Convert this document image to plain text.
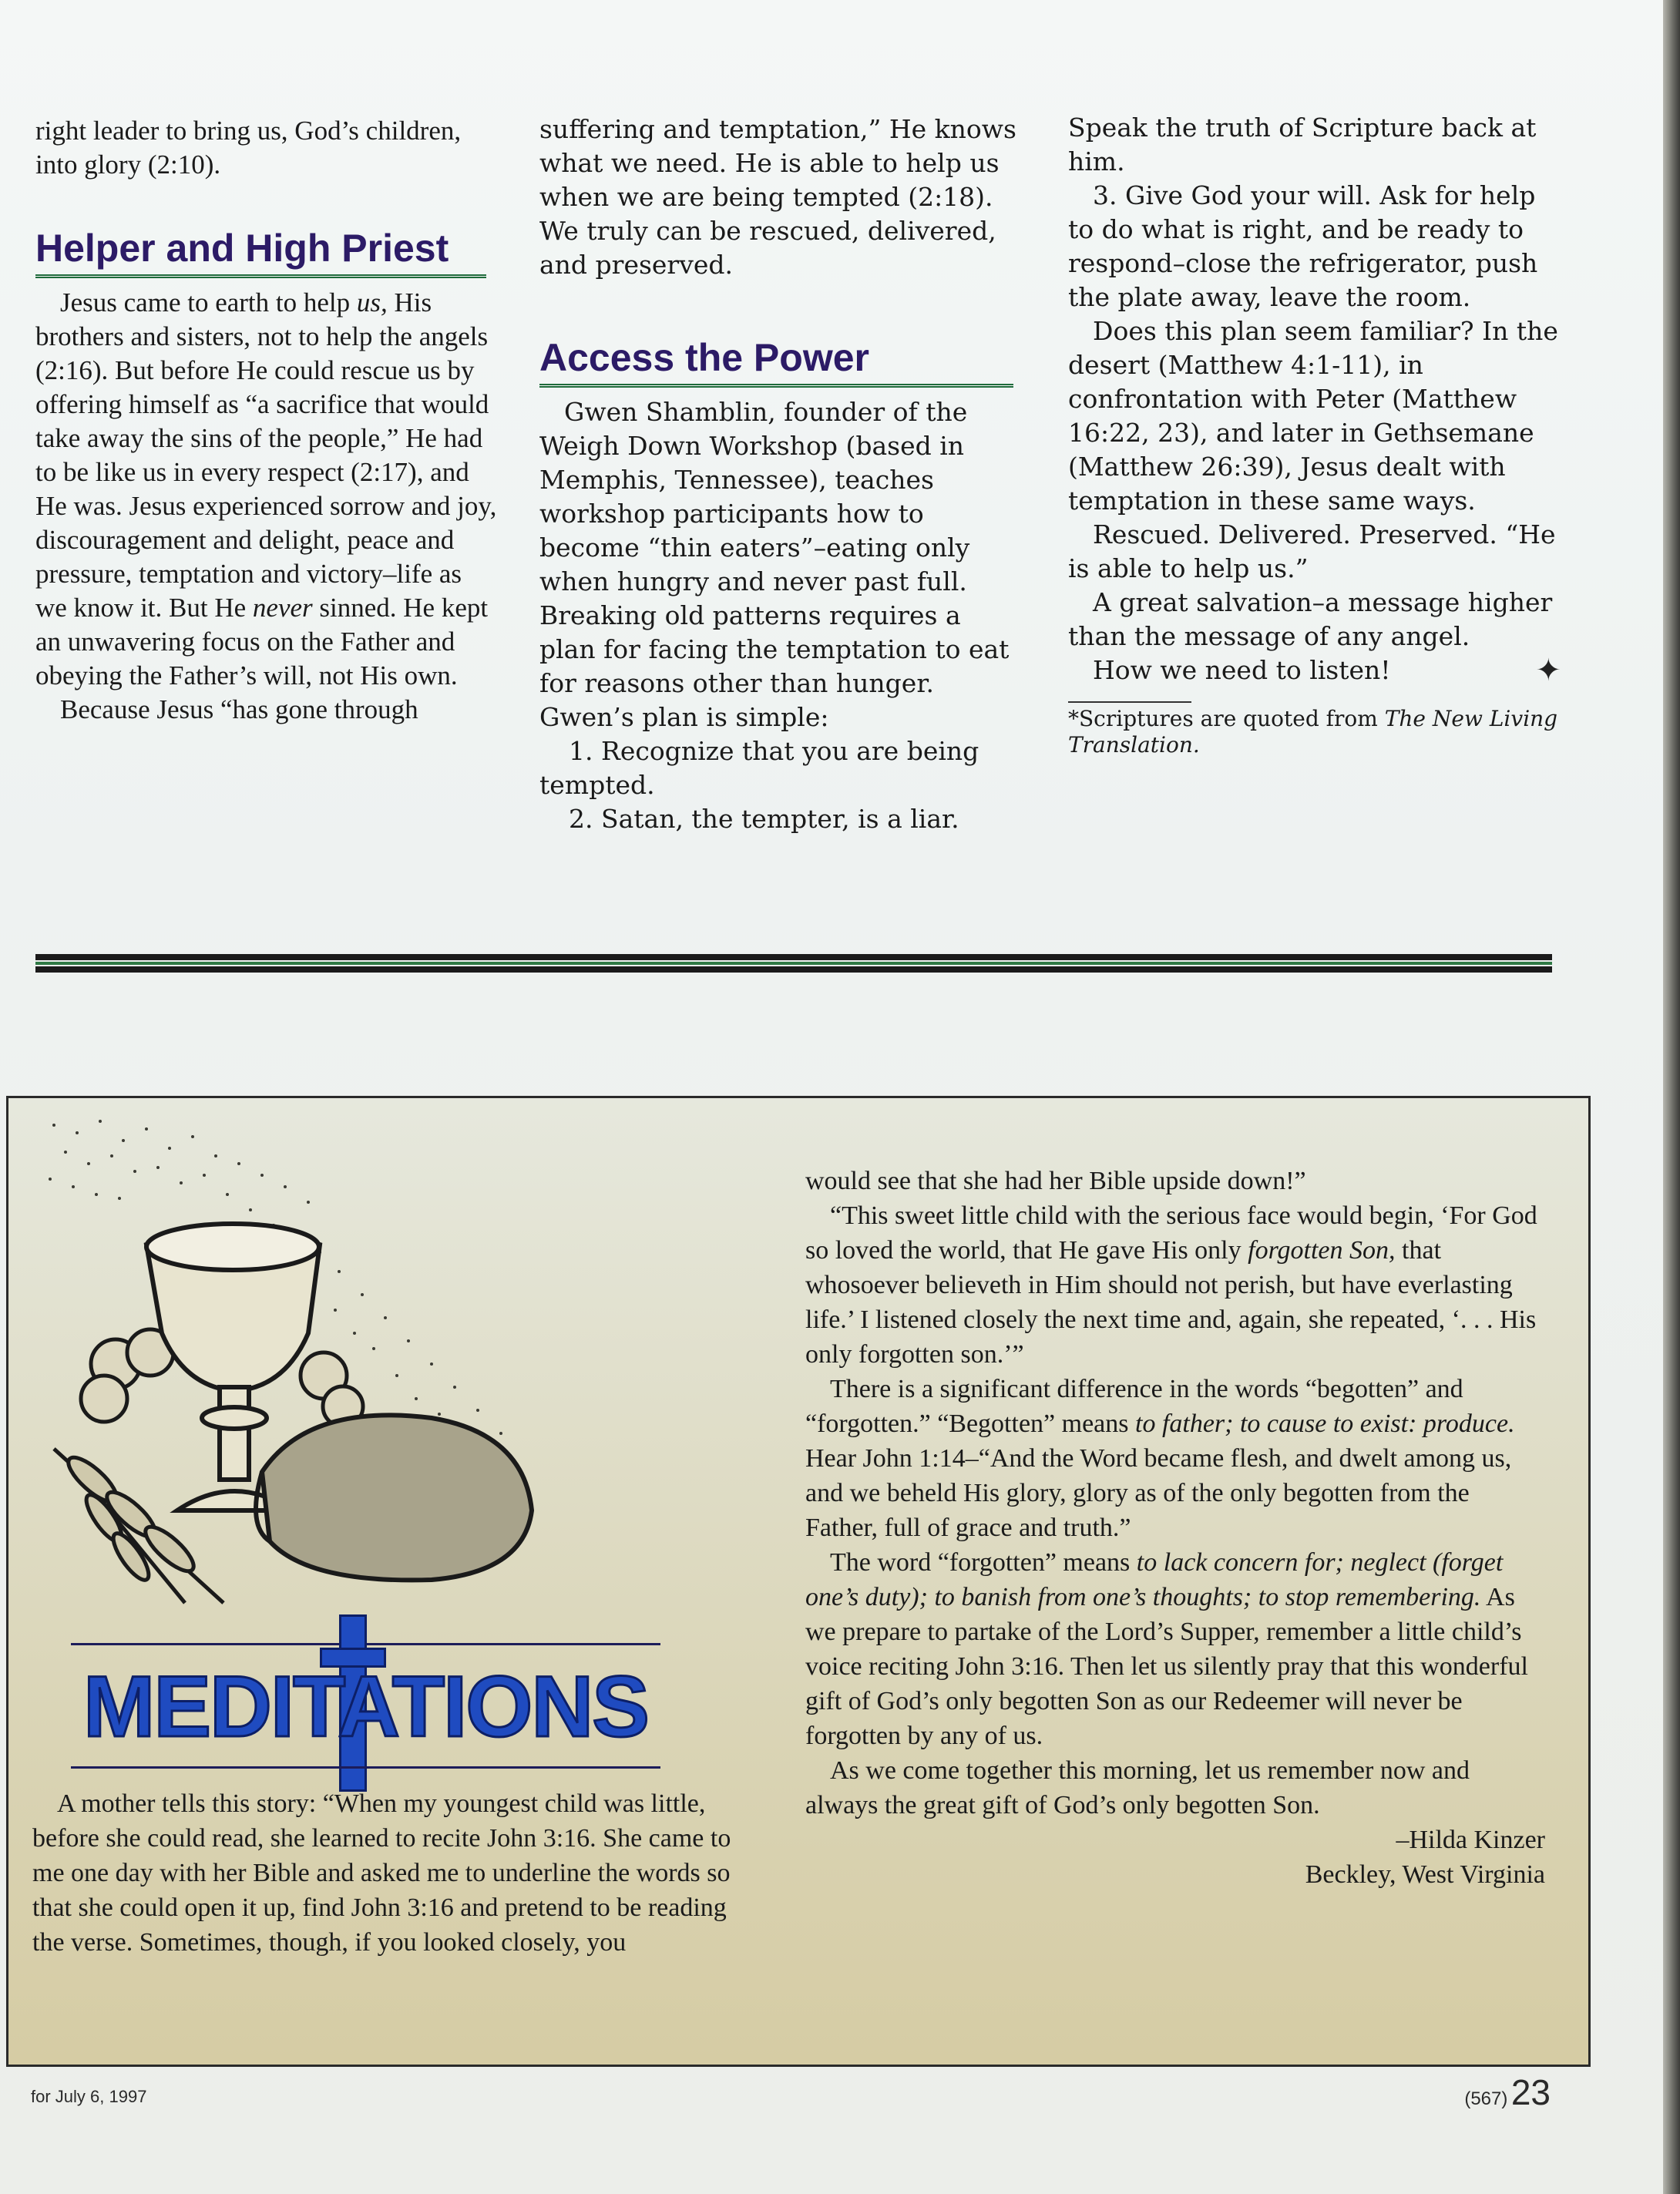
right leader to bring us, God’s children, into glory (2:10).

Helper and High Priest

Jesus came to earth to help us, His brothers and sisters, not to help the angels (2:16). But before He could rescue us by offering himself as “a sacrifice that would take away the sins of the people,” He had to be like us in every respect (2:17), and He was. Jesus experienced sorrow and joy, discouragement and delight, peace and pressure, temptation and victory–life as we know it. But He never sinned. He kept an unwavering focus on the Father and obeying the Father’s will, not His own.

Because Jesus “has gone through

suffering and temptation,” He knows what we need. He is able to help us when we are being tempted (2:18). We truly can be rescued, delivered, and preserved.

Access the Power

Gwen Shamblin, founder of the Weigh Down Workshop (based in Memphis, Tennessee), teaches workshop participants how to become “thin eaters”–eating only when hungry and never past full. Breaking old patterns requires a plan for facing the temptation to eat for reasons other than hunger. Gwen’s plan is simple:

1. Recognize that you are being tempted.

2. Satan, the tempter, is a liar.

Speak the truth of Scripture back at him.

3. Give God your will. Ask for help to do what is right, and be ready to respond–close the refrigerator, push the plate away, leave the room.

Does this plan seem familiar? In the desert (Matthew 4:1-11), in confrontation with Peter (Matthew 16:22, 23), and later in Gethsemane (Matthew 26:39), Jesus dealt with temptation in these same ways.

Rescued. Delivered. Preserved. “He is able to help us.”

A great salvation–a message higher than the message of any angel.

How we need to listen!	✦

*Scriptures are quoted from The New Living Translation.

MEDITATIONS

A mother tells this story: “When my youngest child was little, before she could read, she learned to recite John 3:16. She came to me one day with her Bible and asked me to underline the words so that she could open it up, find John 3:16 and pretend to be reading the verse. Sometimes, though, if you looked closely, you

would see that she had her Bible upside down!”

“This sweet little child with the serious face would begin, ‘For God so loved the world, that He gave His only forgotten Son, that whosoever believeth in Him should not perish, but have everlasting life.’ I listened closely the next time and, again, she repeated, ‘. . . His only forgotten son.’”

There is a significant difference in the words “begotten” and “forgotten.” “Begotten” means to father; to cause to exist: produce. Hear John 1:14–“And the Word became flesh, and dwelt among us, and we beheld His glory, glory as of the only begotten from the Father, full of grace and truth.”

The word “forgotten” means to lack concern for; neglect (forget one’s duty); to banish from one’s thoughts; to stop remembering. As we prepare to partake of the Lord’s Supper, remember a little child’s voice reciting John 3:16. Then let us silently pray that this wonderful gift of God’s only begotten Son as our Redeemer will never be forgotten by any of us.

As we come together this morning, let us remember now and always the great gift of God’s only begotten Son.

–Hilda Kinzer

Beckley, West Virginia

for July 6, 1997	(567) 23
